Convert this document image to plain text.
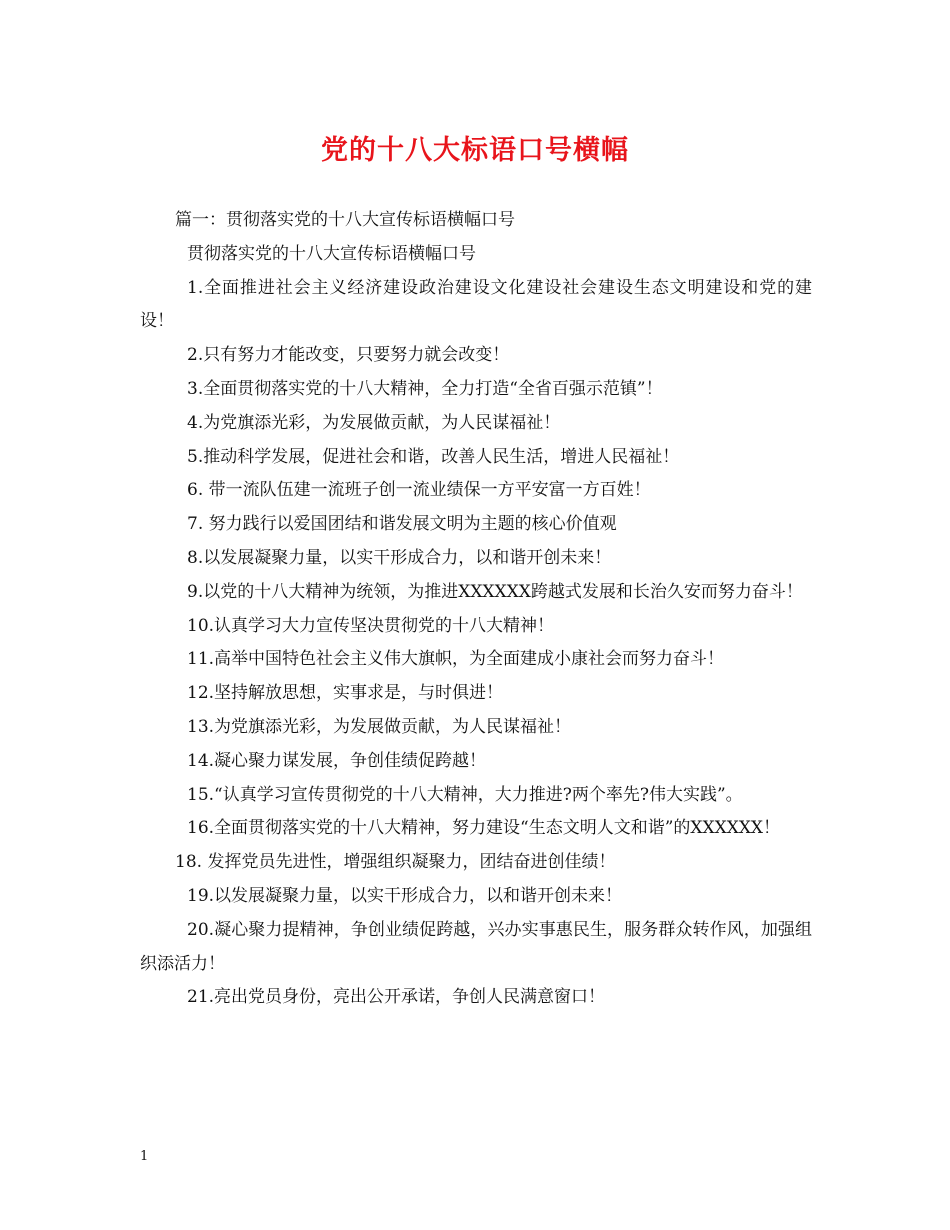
党的十八大标语口号横幅

篇一：贯彻落实党的十八大宣传标语横幅口号

贯彻落实党的十八大宣传标语横幅口号

1.全面推进社会主义经济建设政治建设文化建设社会建设生态文明建设和党的建设！

2.只有努力才能改变，只要努力就会改变！

3.全面贯彻落实党的十八大精神，全力打造“全省百强示范镇”！

4.为党旗添光彩，为发展做贡献，为人民谋福祉！

5.推动科学发展，促进社会和谐，改善人民生活，增进人民福祉！

6. 带一流队伍建一流班子创一流业绩保一方平安富一方百姓！

7. 努力践行以爱国团结和谐发展文明为主题的核心价值观

8.以发展凝聚力量，以实干形成合力，以和谐开创未来！

9.以党的十八大精神为统领，为推进XXXXXX跨越式发展和长治久安而努力奋斗！

10.认真学习大力宣传坚决贯彻党的十八大精神！

11.高举中国特色社会主义伟大旗帜，为全面建成小康社会而努力奋斗！

12.坚持解放思想，实事求是，与时俱进！

13.为党旗添光彩，为发展做贡献，为人民谋福祉！

14.凝心聚力谋发展，争创佳绩促跨越！

15.“认真学习宣传贯彻党的十八大精神，大力推进?两个率先?伟大实践”。

16.全面贯彻落实党的十八大精神，努力建设“生态文明人文和谐”的XXXXXX！

18. 发挥党员先进性，增强组织凝聚力，团结奋进创佳绩！

19.以发展凝聚力量，以实干形成合力，以和谐开创未来！

20.凝心聚力提精神，争创业绩促跨越，兴办实事惠民生，服务群众转作风，加强组织添活力！

21.亮出党员身份，亮出公开承诺，争创人民满意窗口！

1
